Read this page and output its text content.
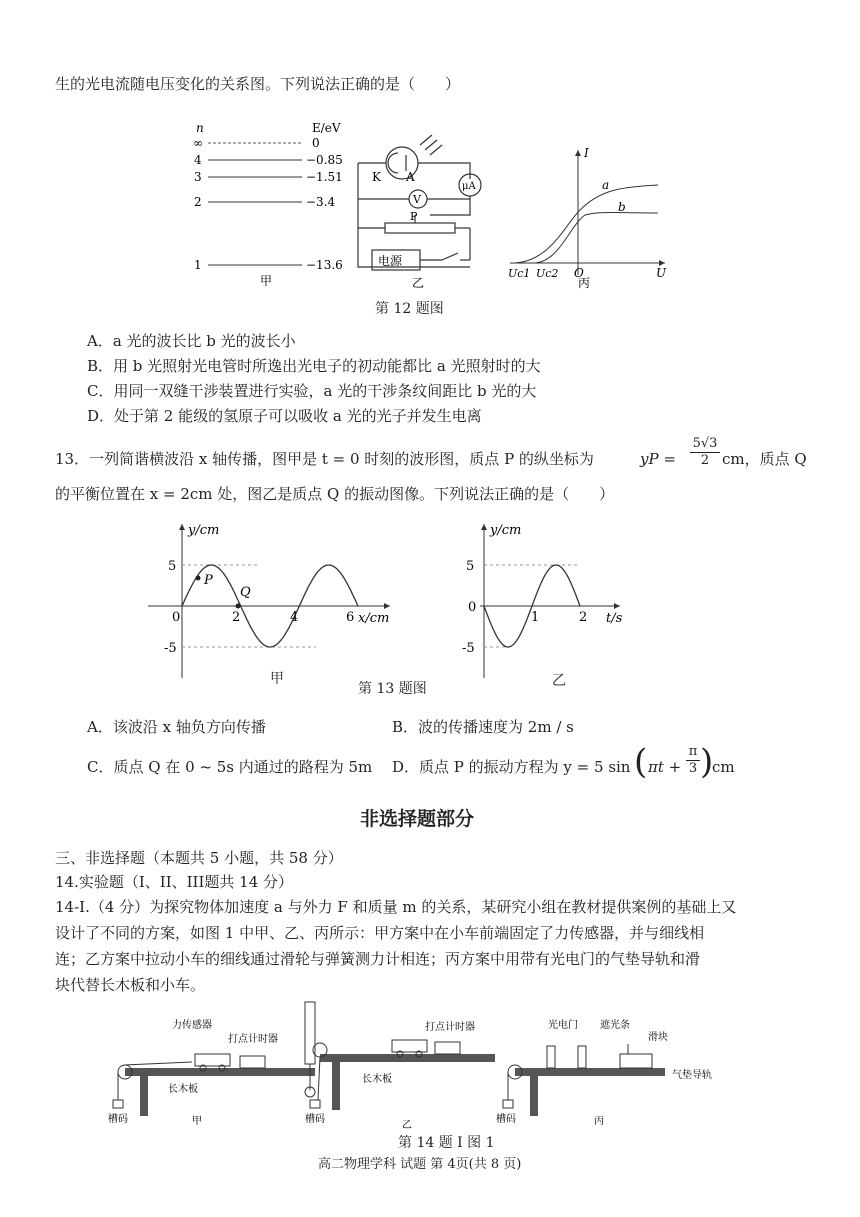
生的光电流随电压变化的关系图。下列说法正确的是（　　）
n	E/eV
∞	0
4	−0.85
3	−1.51
2	−3.4
1	−13.6
甲
K A
μA
V
P
电源
乙
I
U
O
a
b
Uc1 Uc2
丙
第 12 题图
A．a 光的波长比 b 光的波长小
B．用 b 光照射光电管时所逸出光电子的初动能都比 a 光照射时的大
C．用同一双缝干涉装置进行实验，a 光的干涉条纹间距比 b 光的大
D．处于第 2 能级的氢原子可以吸收 a 光的光子并发生电离
13．一列简谐横波沿 x 轴传播，图甲是 t = 0 时刻的波形图，质点 P 的纵坐标为	yP = $\frac{5√3}{2}$ cm，质点 Q
的平衡位置在 x = 2cm 处，图乙是质点 Q 的振动图像。下列说法正确的是（　　）
y/cm
x/cm
5
-5
0	2	4	6
P
Q
甲
第 13 题图
y/cm
t/s
5
0
-5
1	2
乙
A．该波沿 x 轴负方向传播	B．波的传播速度为 2m / s
C．质点 Q 在 0 ~ 5s 内通过的路程为 5m D．质点 P 的振动方程为 y = 5 sin ( $\pi t + \frac{\pi}{3}$ )
cm
非选择题部分
三、非选择题（本题共 5 小题，共 58 分）
14.实验题（I、II、III题共 14 分）
14-I.（4 分）为探究物体加速度 a 与外力 F 和质量 m 的关系，某研究小组在教材提供案例的基础上又
设计了不同的方案，如图 1 中甲、乙、丙所示：甲方案中在小车前端固定了力传感器，并与细线相
连；乙方案中拉动小车的细线通过滑轮与弹簧测力计相连；丙方案中用带有光电门的气垫导轨和滑
块代替长木板和小车。
力传感器
打点计时器
长木板
槽码	甲
打点计时器
长木板
槽码
乙
光电门 遮光条
滑块
气垫导轨
槽码	丙
第 14 题 I 图 1
高二物理学科 试题 第 4页(共 8 页)
